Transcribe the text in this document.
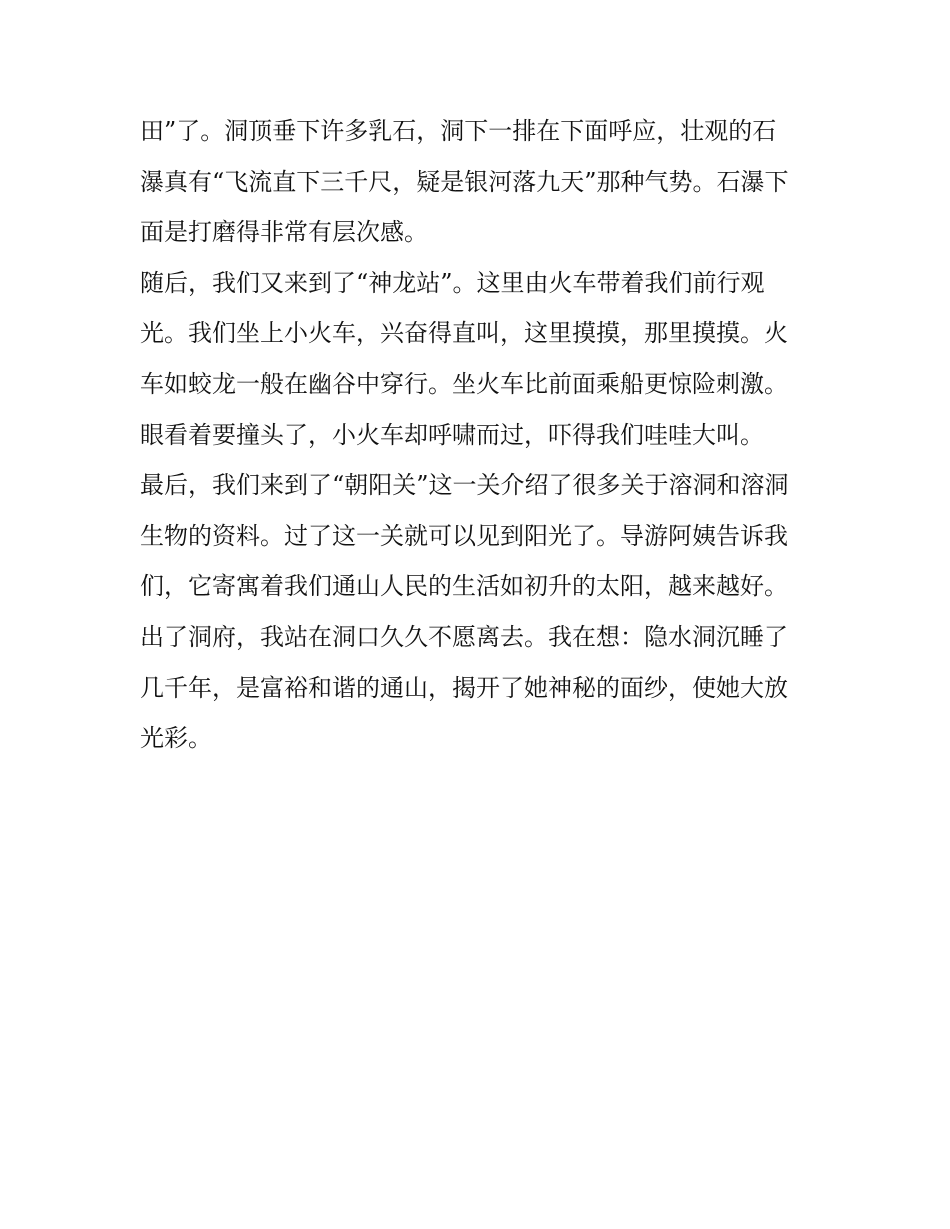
田”了。洞顶垂下许多乳石，洞下一排在下面呼应，壮观的石
瀑真有“飞流直下三千尺，疑是银河落九天”那种气势。石瀑下
面是打磨得非常有层次感。
随后，我们又来到了“神龙站”。这里由火车带着我们前行观
光。我们坐上小火车，兴奋得直叫，这里摸摸，那里摸摸。火
车如蛟龙一般在幽谷中穿行。坐火车比前面乘船更惊险刺激。
眼看着要撞头了，小火车却呼啸而过，吓得我们哇哇大叫。
最后，我们来到了“朝阳关”这一关介绍了很多关于溶洞和溶洞
生物的资料。过了这一关就可以见到阳光了。导游阿姨告诉我
们，它寄寓着我们通山人民的生活如初升的太阳，越来越好。
出了洞府，我站在洞口久久不愿离去。我在想：隐水洞沉睡了
几千年，是富裕和谐的通山，揭开了她神秘的面纱，使她大放
光彩。
